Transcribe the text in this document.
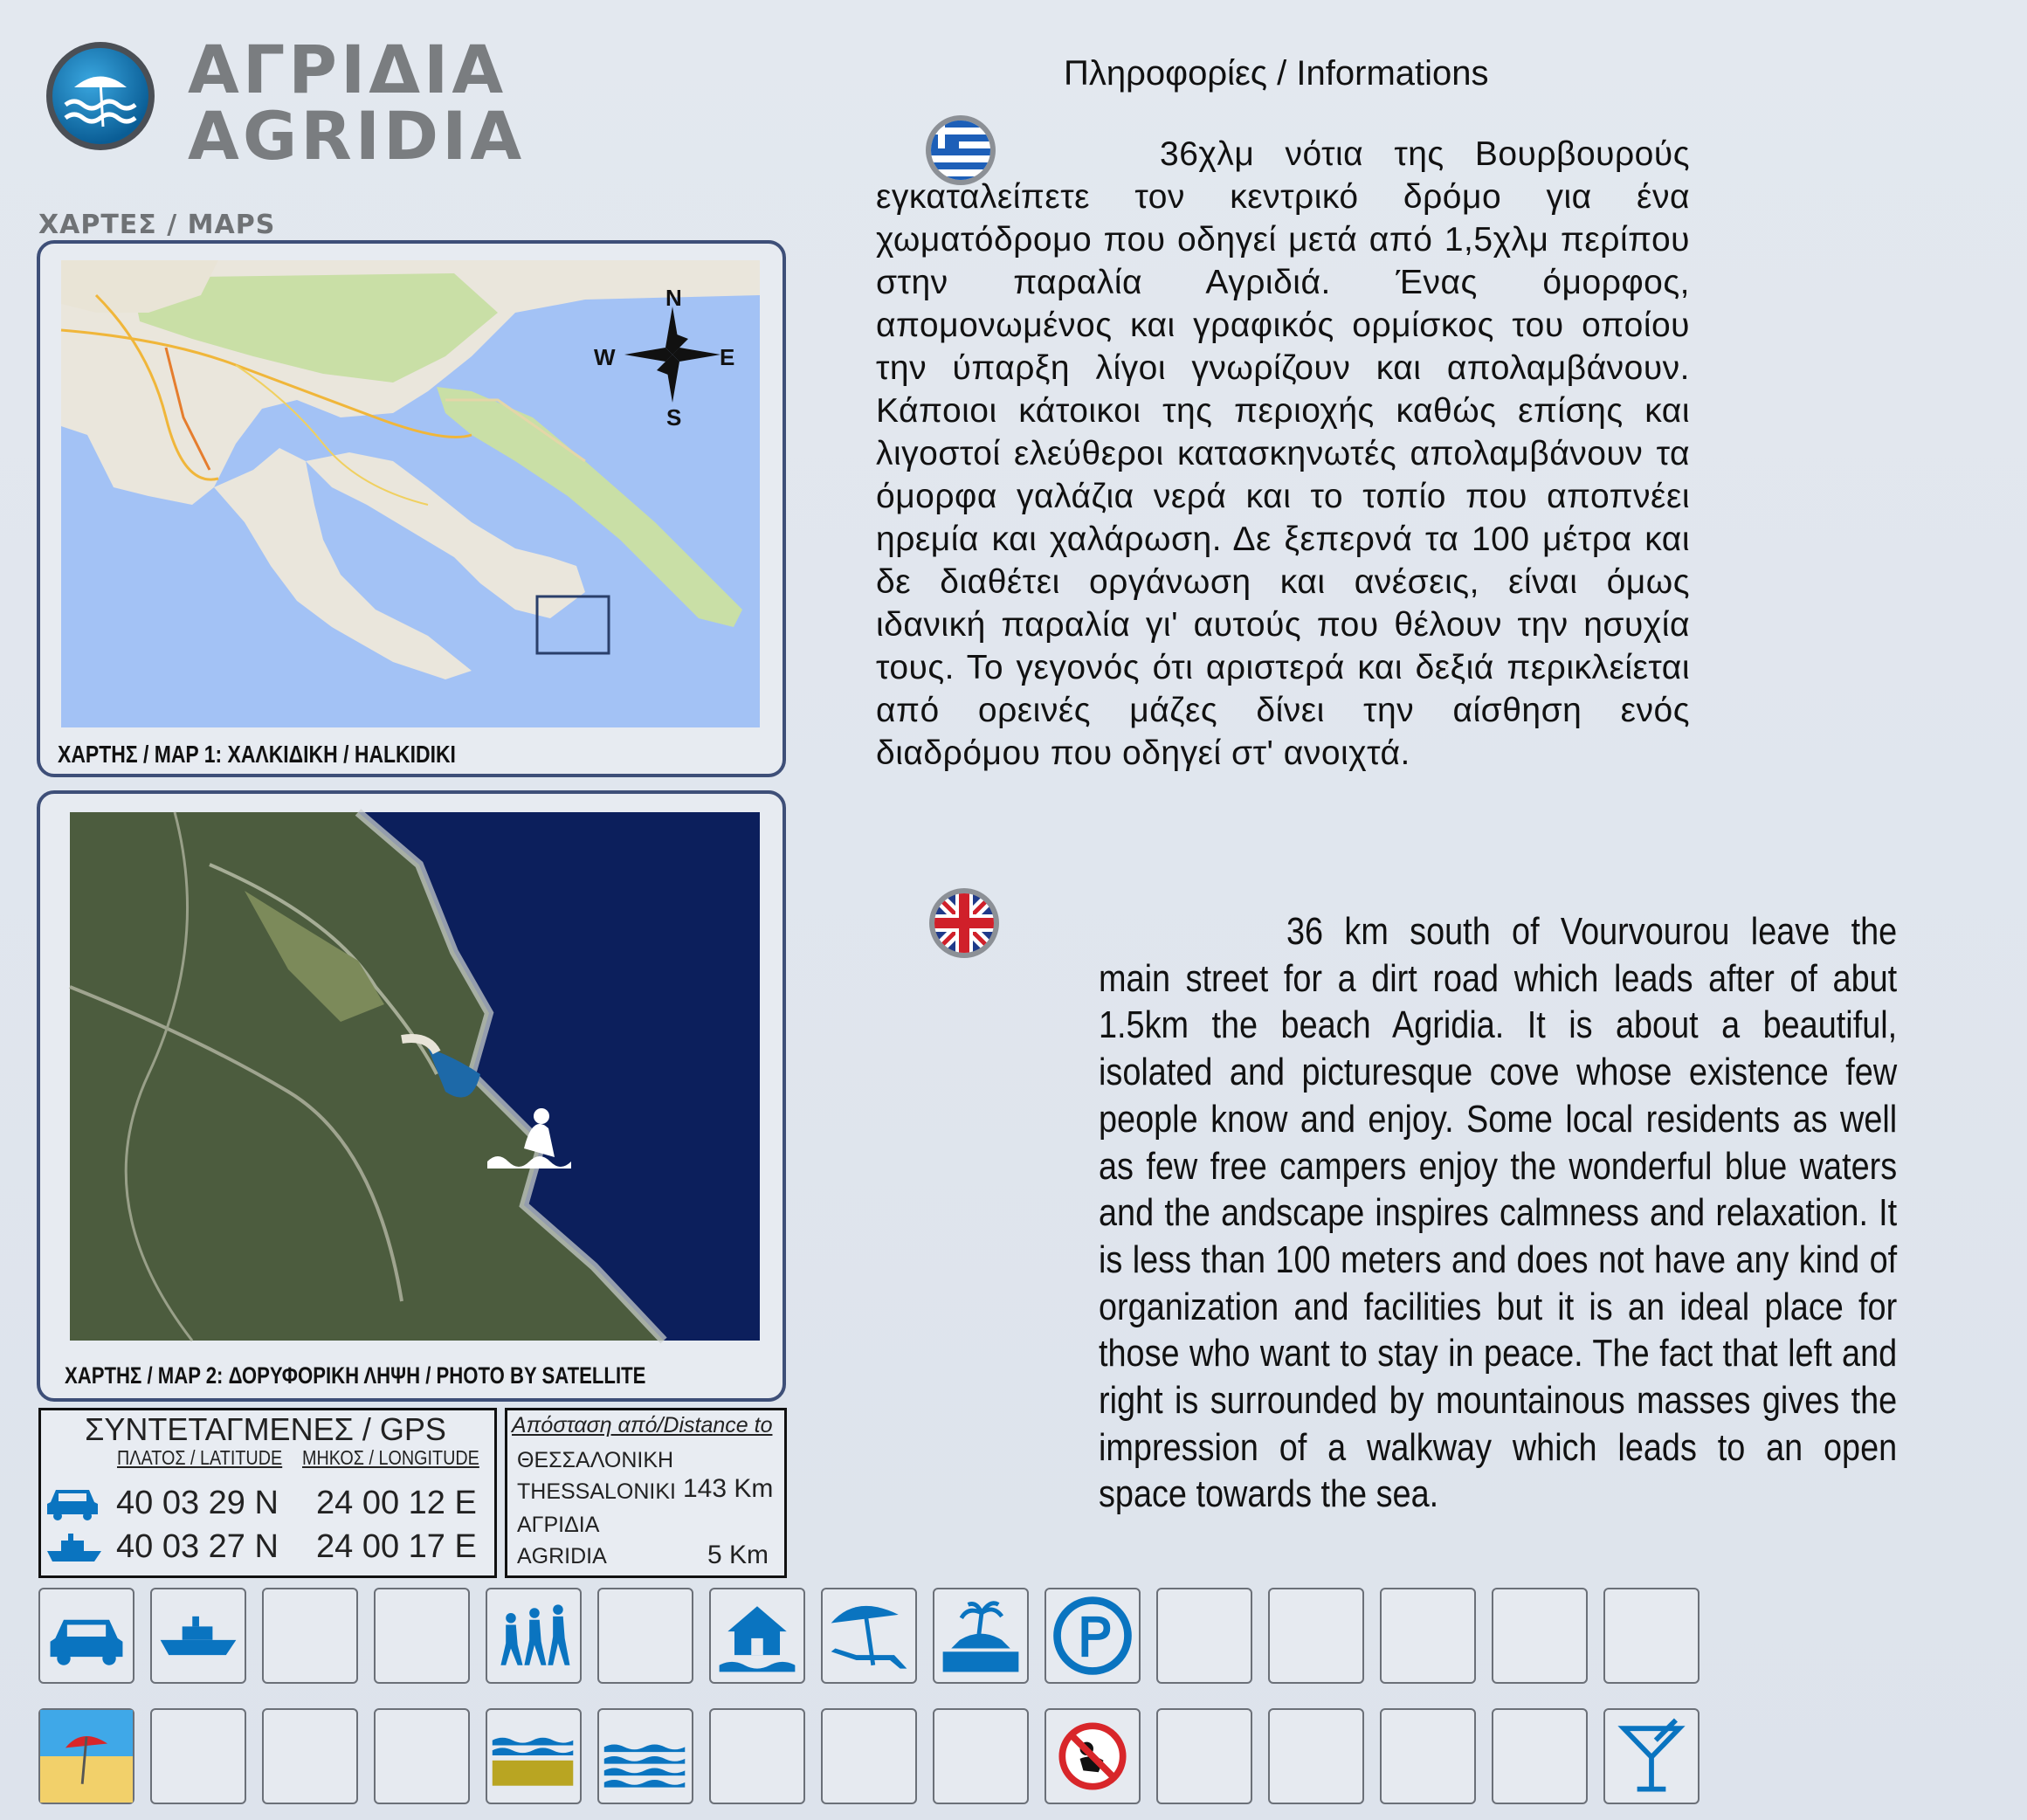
ΑΓΡΙΔΙΑ
AGRIDIA
ΧΑΡΤΕΣ / MAPS
N
S
E
W
ΧΑΡΤΗΣ / MAP 1: ΧΑΛΚΙΔΙΚΗ / HALKIDIKI
ΧΑΡΤΗΣ / MAP 2: ΔΟΡΥΦΟΡΙΚΗ ΛΗΨΗ / PHOTO BY SATELLITE
ΣΥΝΤΕΤΑΓΜΕΝΕΣ / GPS
ΠΛΑΤΟΣ / LATITUDE ΜΗΚΟΣ / LONGITUDE
40 03 29 N 24 00 12 E
40 03 27 N 24 00 17 E
Απόσταση από/Distance to
ΘΕΣΣΑΛΟΝΙΚΗ
THESSALONIKI 143 Km
ΑΓΡΙΔΙΑ
AGRIDIA	5 Km
Πληροφορίες / Informations
36χλμ νότια της Βουρβουρούς εγκαταλείπετε τον κεντρικό δρόμο για ένα χωματόδρομο που οδηγεί μετά από 1,5χλμ περίπου στην παραλία Αγριδιά. Ένας όμορφος, απομονωμένος και γραφικός ορμίσκος του οποίου την ύπαρξη λίγοι γνωρίζουν και απολαμβάνουν. Κάποιοι κάτοικοι της περιοχής καθώς επίσης και λιγοστοί ελεύθεροι κατασκηνωτές απολαμβάνουν τα όμορφα γαλάζια νερά και το τοπίο που αποπνέει ηρεμία και χαλάρωση. Δε ξεπερνά τα 100 μέτρα και δε διαθέτει οργάνωση και ανέσεις, είναι όμως ιδανική παραλία γι' αυτούς που θέλουν την ησυχία τους. Το γεγονός ότι αριστερά και δεξιά περικλείεται από ορεινές μάζες δίνει την αίσθηση ενός διαδρόμου που οδηγεί στ' ανοιχτά.
36 km south of Vourvourou leave the main street for a dirt road which leads after of abut 1.5km the beach Agridia. It is about a beautiful, isolated and picturesque cove whose existence few people know and enjoy. Some local residents as well as few free campers enjoy the wonderful blue waters and the andscape inspires calmness and relaxation. It is less than 100 meters and does not have any kind of organization and facilities but it is an ideal place for those who want to stay in peace. The fact that left and right is surrounded by mountainous masses gives the impression of a walkway which leads to an open space towards the sea.
